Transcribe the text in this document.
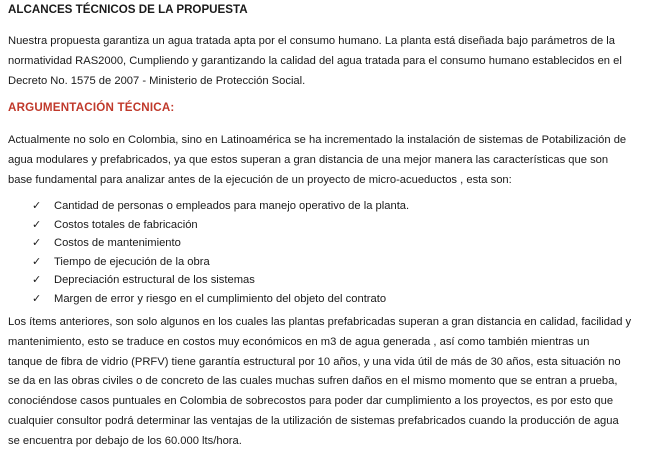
ALCANCES TÉCNICOS DE LA PROPUESTA
Nuestra propuesta garantiza un agua tratada apta por el consumo humano. La planta está diseñada bajo parámetros de la
normatividad RAS2000, Cumpliendo y garantizando la calidad del agua tratada para el consumo humano establecidos en el
Decreto No. 1575 de 2007 - Ministerio de Protección Social.
ARGUMENTACIÓN TÉCNICA:
Actualmente no solo en Colombia, sino en Latinoamérica se ha incrementado la instalación de sistemas de Potabilización de
agua modulares y prefabricados, ya que estos superan a gran distancia de una mejor manera las características que son
base fundamental para analizar antes de la ejecución de un proyecto de micro-acueductos , esta son:
✓	Cantidad de personas o empleados para manejo operativo de la planta.
✓	Costos totales de fabricación
✓	Costos de mantenimiento
✓	Tiempo de ejecución de la obra
✓	Depreciación estructural de los sistemas
✓	Margen de error y riesgo en el cumplimiento del objeto del contrato
Los ítems anteriores, son solo algunos en los cuales las plantas prefabricadas superan a gran distancia en calidad, facilidad y
mantenimiento, esto se traduce en costos muy económicos en m3 de agua generada , así como también mientras un
tanque de fibra de vidrio (PRFV) tiene garantía estructural por 10 años, y una vida útil de más de 30 años, esta situación no
se da en las obras civiles o de concreto de las cuales muchas sufren daños en el mismo momento que se entran a prueba,
conociéndose casos puntuales en Colombia de sobrecostos para poder dar cumplimiento a los proyectos, es por esto que
cualquier consultor podrá determinar las ventajas de la utilización de sistemas prefabricados cuando la producción de agua
se encuentra por debajo de los 60.000 lts/hora.
